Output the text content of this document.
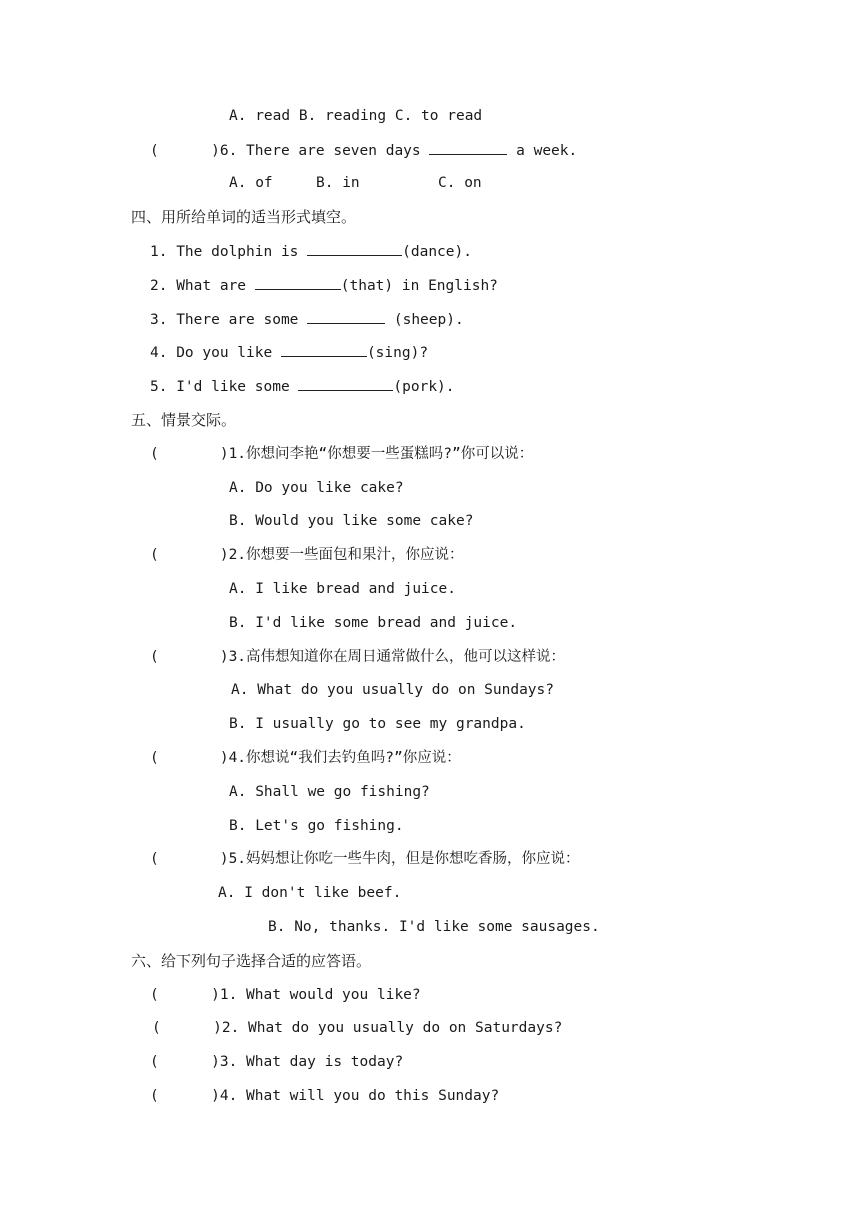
A. read B. reading C. to read
(      )6. There are seven days	a week.
A. of	B. in	C. on
四、用所给单词的适当形式填空。
1. The dolphin is	(dance).
2. What are	(that) in English?
3. There are some	(sheep).
4. Do you like	(sing)?
5. I'd like some	(pork).
五、情景交际。
(       )1.你想问李艳“你想要一些蛋糕吗?”你可以说：
A. Do you like cake?
B. Would you like some cake?
(       )2.你想要一些面包和果汁，你应说：
A. I like bread and juice.
B. I'd like some bread and juice.
(       )3.高伟想知道你在周日通常做什么，他可以这样说：
A. What do you usually do on Sundays?
B. I usually go to see my grandpa.
(       )4.你想说“我们去钓鱼吗?”你应说：
A. Shall we go fishing?
B. Let's go fishing.
(       )5.妈妈想让你吃一些牛肉，但是你想吃香肠，你应说：
A. I don't like beef.
B. No, thanks. I'd like some sausages.
六、给下列句子选择合适的应答语。
(      )1. What would you like?
(      )2. What do you usually do on Saturdays?
(      )3. What day is today?
(      )4. What will you do this Sunday?
